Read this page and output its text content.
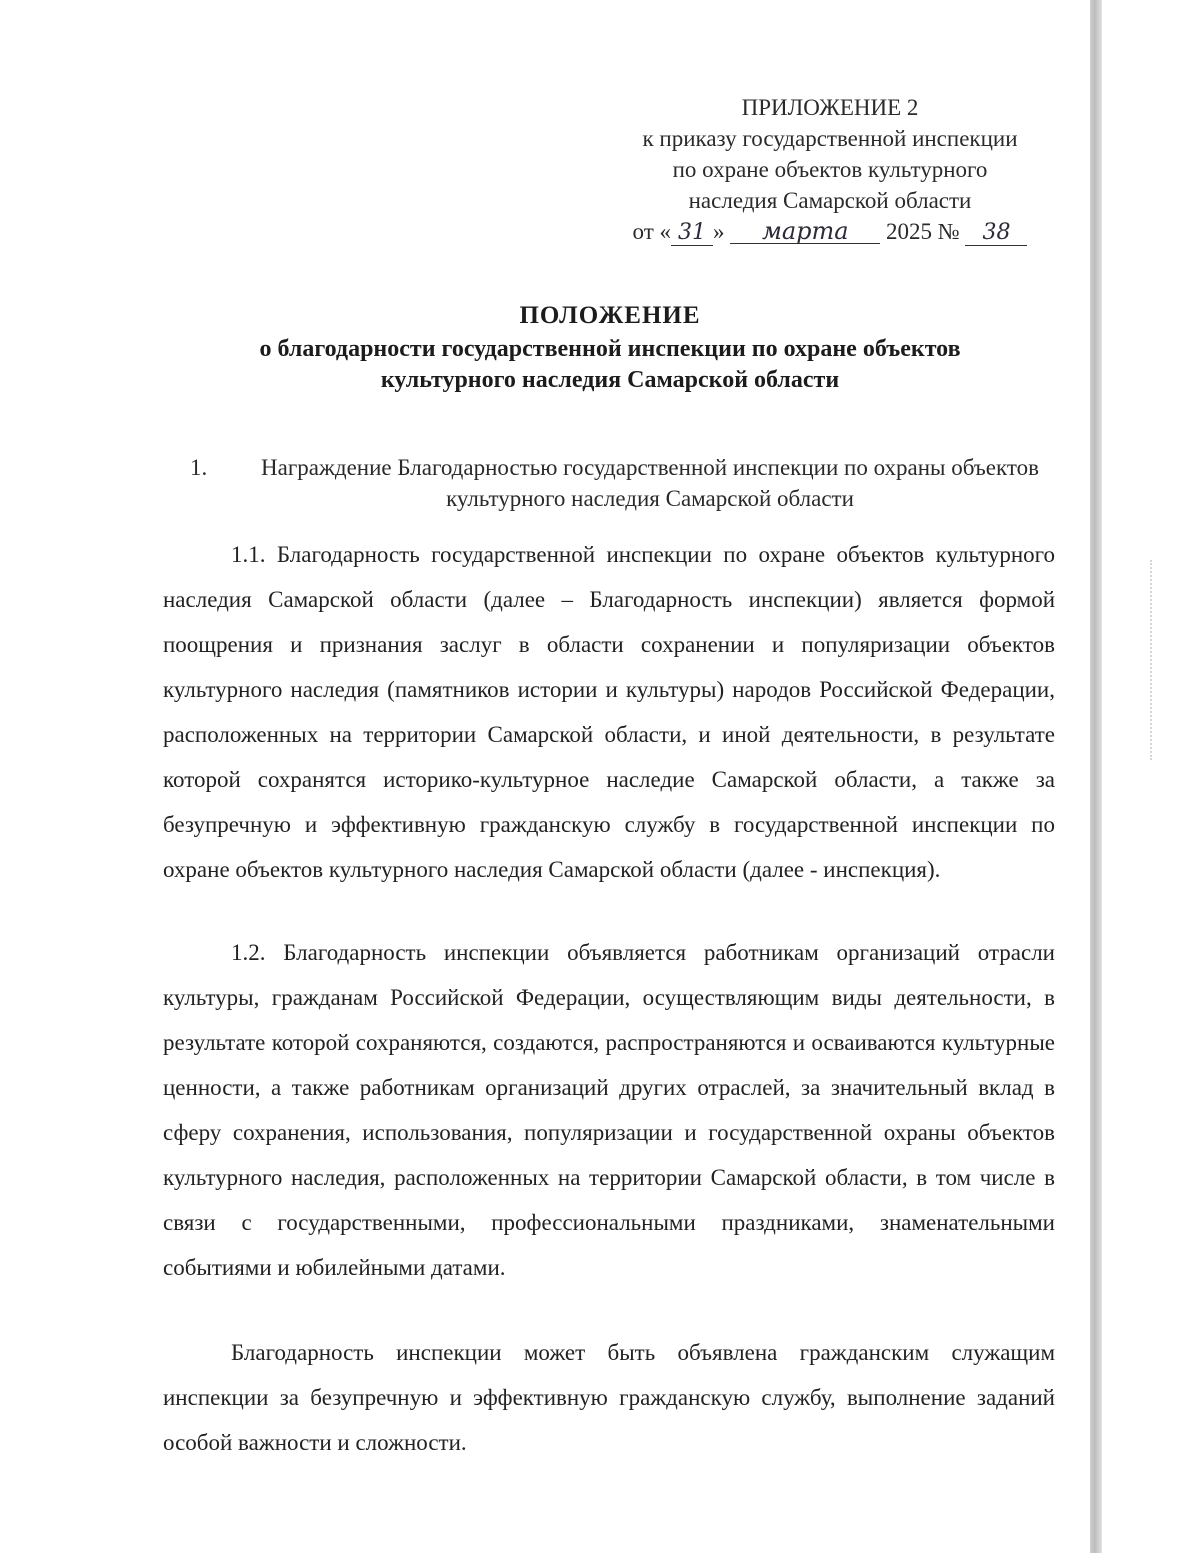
ПРИЛОЖЕНИЕ 2
к приказу государственной инспекции
по охране объектов культурного
наследия Самарской области
от « 31 » марта 2025 № 38
ПОЛОЖЕНИЕ
о благодарности государственной инспекции по охране объектов
культурного наследия Самарской области
1.	Награждение Благодарностью государственной инспекции по охраны объектов культурного наследия Самарской области

1.1. Благодарность государственной инспекции по охране объектов культурного наследия Самарской области (далее – Благодарность инспекции) является формой поощрения и признания заслуг в области сохранении и популяризации объектов культурного наследия (памятников истории и культуры) народов Российской Федерации, расположенных на территории Самарской области, и иной деятельности, в результате которой сохранятся историко-культурное наследие Самарской области, а также за безупречную и эффективную гражданскую службу в государственной инспекции по охране объектов культурного наследия Самарской области (далее - инспекция).

1.2. Благодарность инспекции объявляется работникам организаций отрасли культуры, гражданам Российской Федерации, осуществляющим виды деятельности, в результате которой сохраняются, создаются, распространяются и осваиваются культурные ценности, а также работникам организаций других отраслей, за значительный вклад в сферу сохранения, использования, популяризации и государственной охраны объектов культурного наследия, расположенных на территории Самарской области, в том числе в связи с государственными, профессиональными праздниками, знаменательными событиями и юбилейными датами.

Благодарность инспекции может быть объявлена гражданским служащим инспекции за безупречную и эффективную гражданскую службу, выполнение заданий особой важности и сложности.
